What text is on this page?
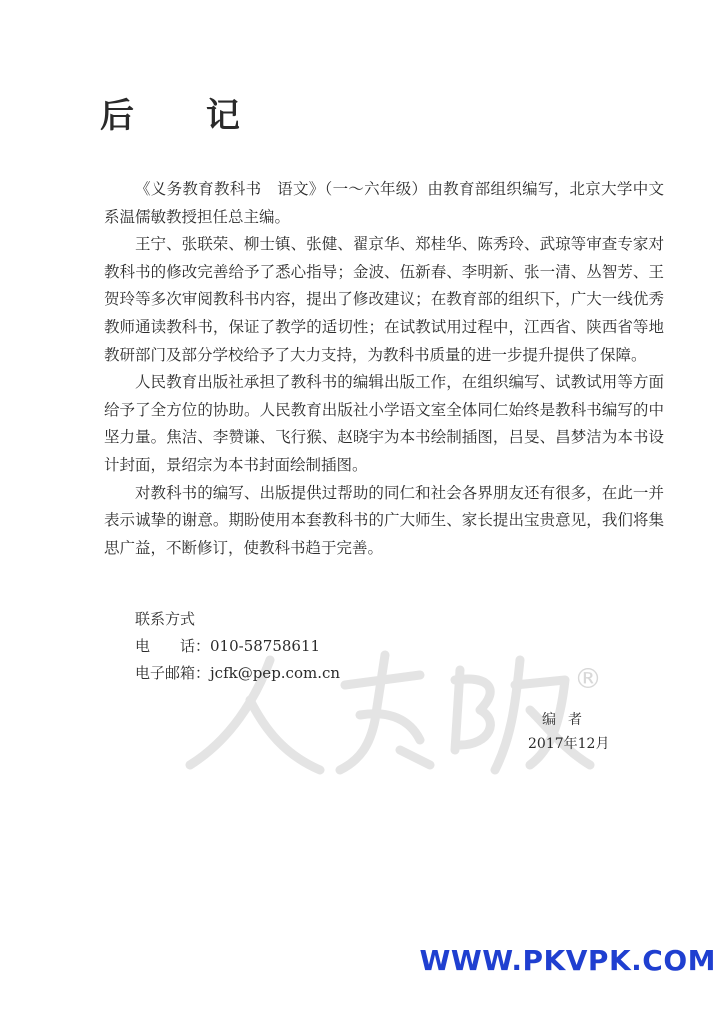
后 记

《义务教育教科书　语文》（一～六年级）由教育部组织编写，北京大学中文系温儒敏教授担任总主编。

王宁、张联荣、柳士镇、张健、翟京华、郑桂华、陈秀玲、武琼等审查专家对教科书的修改完善给予了悉心指导；金波、伍新春、李明新、张一清、丛智芳、王贺玲等多次审阅教科书内容，提出了修改建议；在教育部的组织下，广大一线优秀教师通读教科书，保证了教学的适切性；在试教试用过程中，江西省、陕西省等地教研部门及部分学校给予了大力支持，为教科书质量的进一步提升提供了保障。

人民教育出版社承担了教科书的编辑出版工作，在组织编写、试教试用等方面给予了全方位的协助。人民教育出版社小学语文室全体同仁始终是教科书编写的中坚力量。焦洁、李赞谦、飞行猴、赵晓宇为本书绘制插图，吕旻、昌梦洁为本书设计封面，景绍宗为本书封面绘制插图。

对教科书的编写、出版提供过帮助的同仁和社会各界朋友还有很多，在此一并表示诚挚的谢意。期盼使用本套教科书的广大师生、家长提出宝贵意见，我们将集思广益，不断修订，使教科书趋于完善。

®
联系方式
电　　话：010-58758611
电子邮箱：jcfk@pep.com.cn
编者
2017年12月
WWW.PKVPK.COM
